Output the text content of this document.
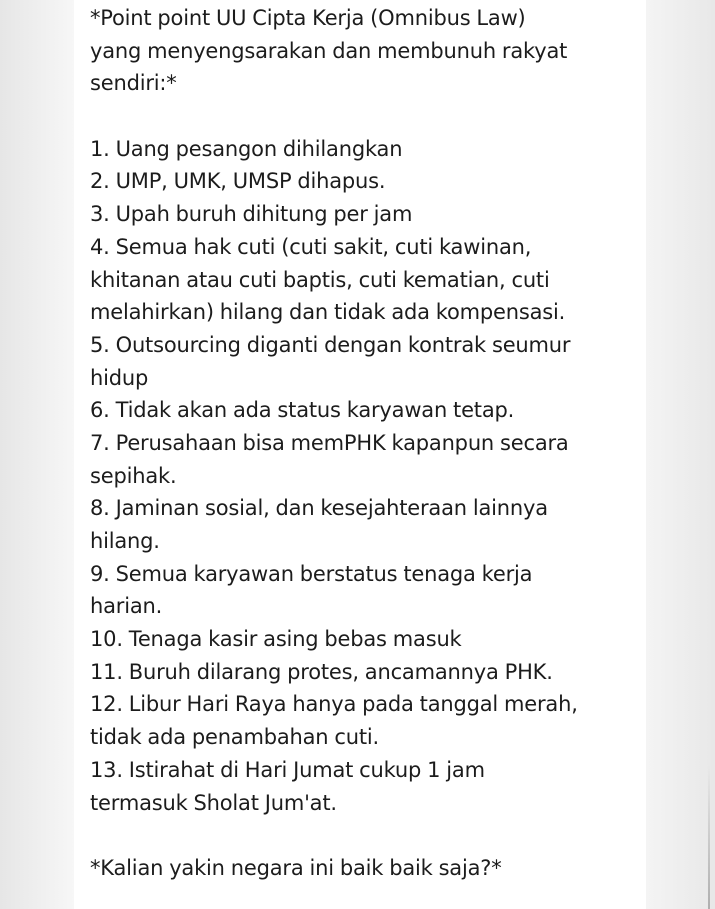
*Point point UU Cipta Kerja (Omnibus Law)
yang menyengsarakan dan membunuh rakyat
sendiri:*
1. Uang pesangon dihilangkan
2. UMP, UMK, UMSP dihapus.
3. Upah buruh dihitung per jam
4. Semua hak cuti (cuti sakit, cuti kawinan,
khitanan atau cuti baptis, cuti kematian, cuti
melahirkan) hilang dan tidak ada kompensasi.
5. Outsourcing diganti dengan kontrak seumur
hidup
6. Tidak akan ada status karyawan tetap.
7. Perusahaan bisa memPHK kapanpun secara
sepihak.
8. Jaminan sosial, dan kesejahteraan lainnya
hilang.
9. Semua karyawan berstatus tenaga kerja
harian.
10. Tenaga kasir asing bebas masuk
11. Buruh dilarang protes, ancamannya PHK.
12. Libur Hari Raya hanya pada tanggal merah,
tidak ada penambahan cuti.
13. Istirahat di Hari Jumat cukup 1 jam
termasuk Sholat Jum'at.
*Kalian yakin negara ini baik baik saja?*
